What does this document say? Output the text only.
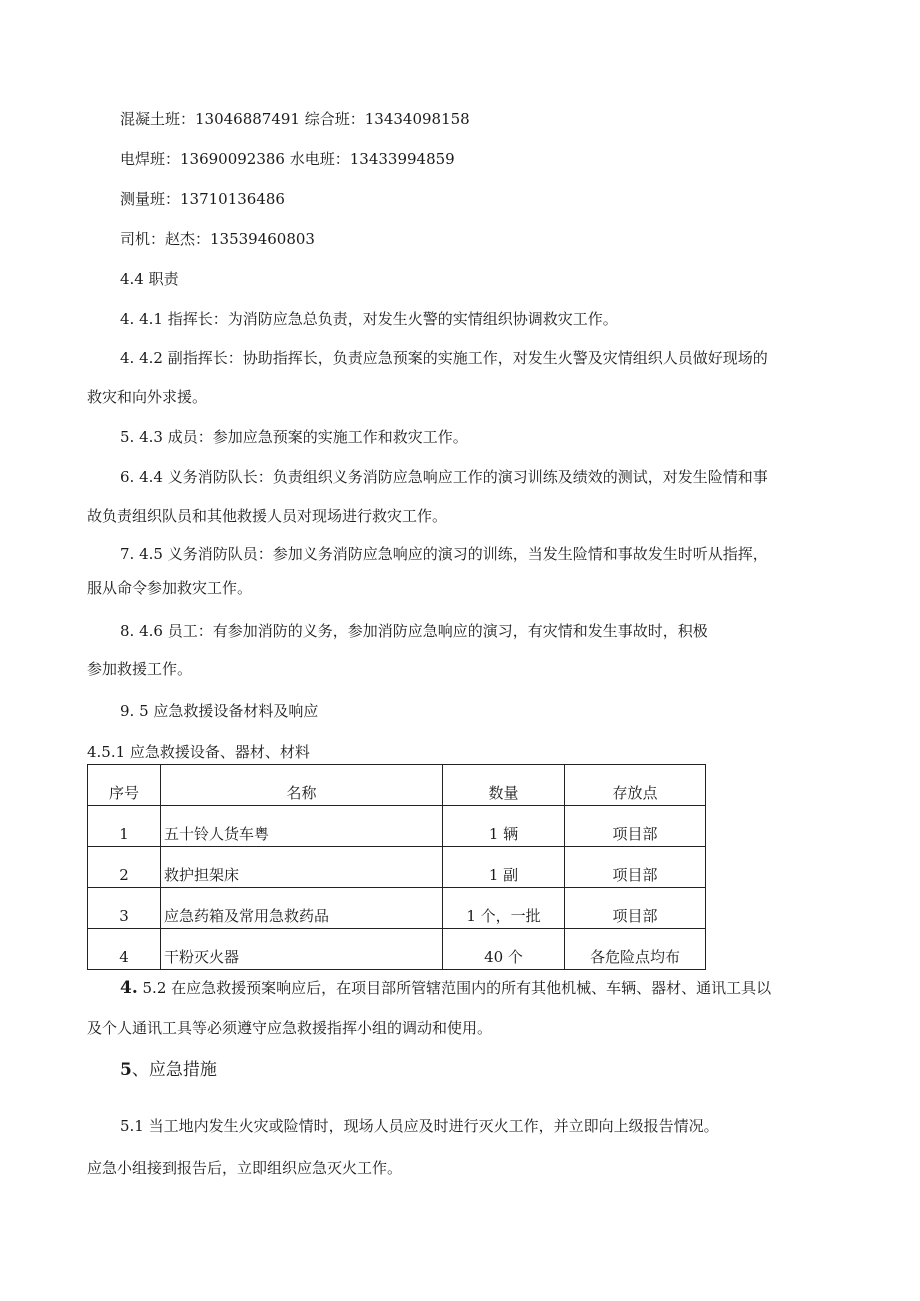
混凝土班：13046887491 综合班：13434098158
电焊班：13690092386 水电班：13433994859
测量班：13710136486
司机：赵杰：13539460803
4.4 职责
4. 4.1 指挥长：为消防应急总负责，对发生火警的实情组织协调救灾工作。
4. 4.2 副指挥长：协助指挥长，负责应急预案的实施工作，对发生火警及灾情组织人员做好现场的
救灾和向外求援。
5. 4.3 成员：参加应急预案的实施工作和救灾工作。
6. 4.4 义务消防队长：负责组织义务消防应急响应工作的演习训练及绩效的测试，对发生险情和事
故负责组织队员和其他救援人员对现场进行救灾工作。
7. 4.5 义务消防队员：参加义务消防应急响应的演习的训练，当发生险情和事故发生时听从指挥，
服从命令参加救灾工作。
8. 4.6 员工：有参加消防的义务，参加消防应急响应的演习，有灾情和发生事故时，积极
参加救援工作。
9. 5 应急救援设备材料及响应
4.5.1 应急救援设备、器材、材料
序号	名称	数量	存放点
1	五十铃人货车粤	1 辆	项目部
2	救护担架床	1 副	项目部
3	应急药箱及常用急救药品	1 个，一批	项目部
4	干粉灭火器	40 个	各危险点均布
4. 5.2 在应急救援预案响应后，在项目部所管辖范围内的所有其他机械、车辆、器材、通讯工具以
及个人通讯工具等必须遵守应急救援指挥小组的调动和使用。
5、应急措施
5.1 当工地内发生火灾或险情时，现场人员应及时进行灭火工作，并立即向上级报告情况。
应急小组接到报告后，立即组织应急灭火工作。
